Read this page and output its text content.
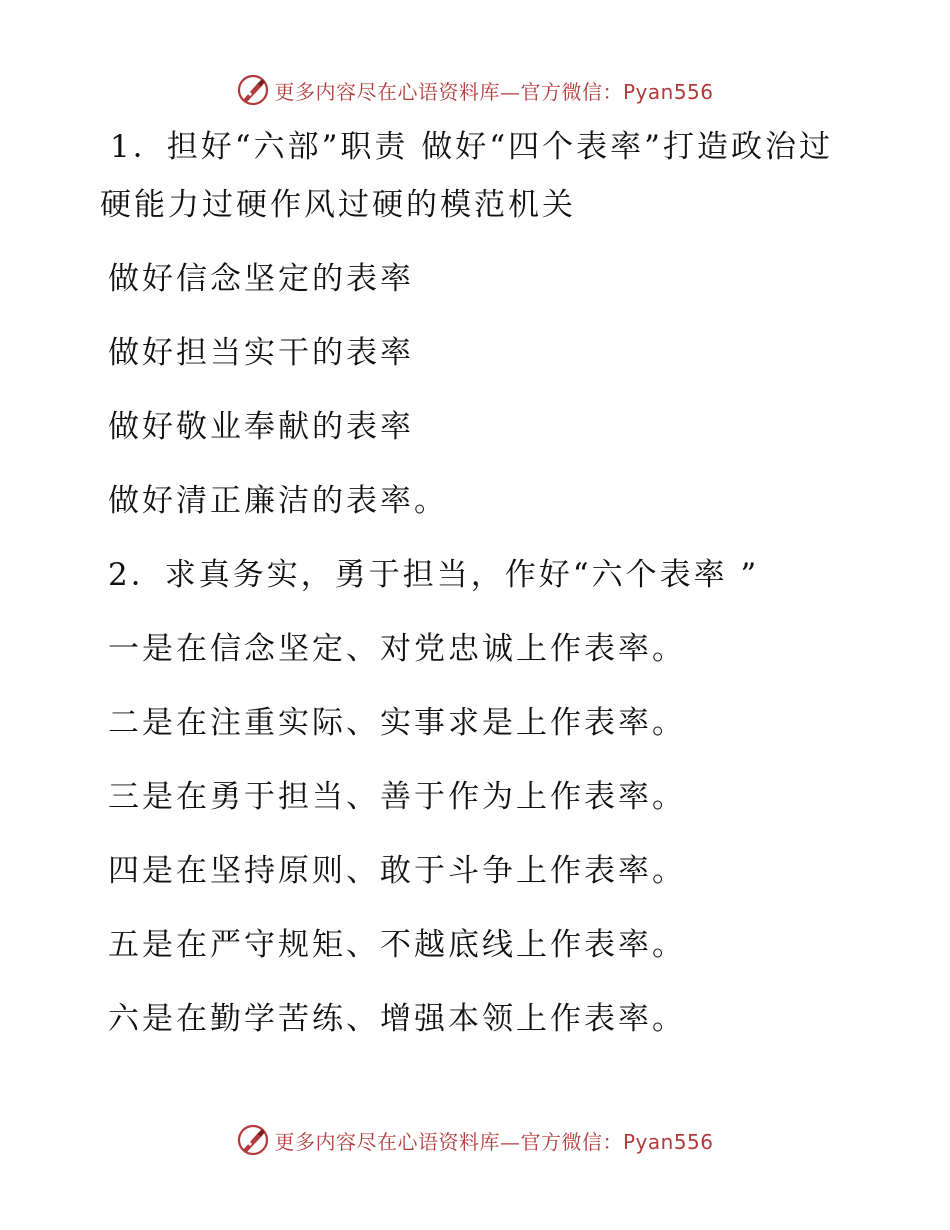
更多内容尽在心语资料库—官方微信：Pyan556

1．担好“六部”职责 做好“四个表率”打造政治过硬能力过硬作风过硬的模范机关

做好信念坚定的表率

做好担当实干的表率

做好敬业奉献的表率

做好清正廉洁的表率。

2．求真务实，勇于担当，作好“六个表率 ”

一是在信念坚定、对党忠诚上作表率。

二是在注重实际、实事求是上作表率。

三是在勇于担当、善于作为上作表率。

四是在坚持原则、敢于斗争上作表率。

五是在严守规矩、不越底线上作表率。

六是在勤学苦练、增强本领上作表率。

更多内容尽在心语资料库—官方微信：Pyan556
